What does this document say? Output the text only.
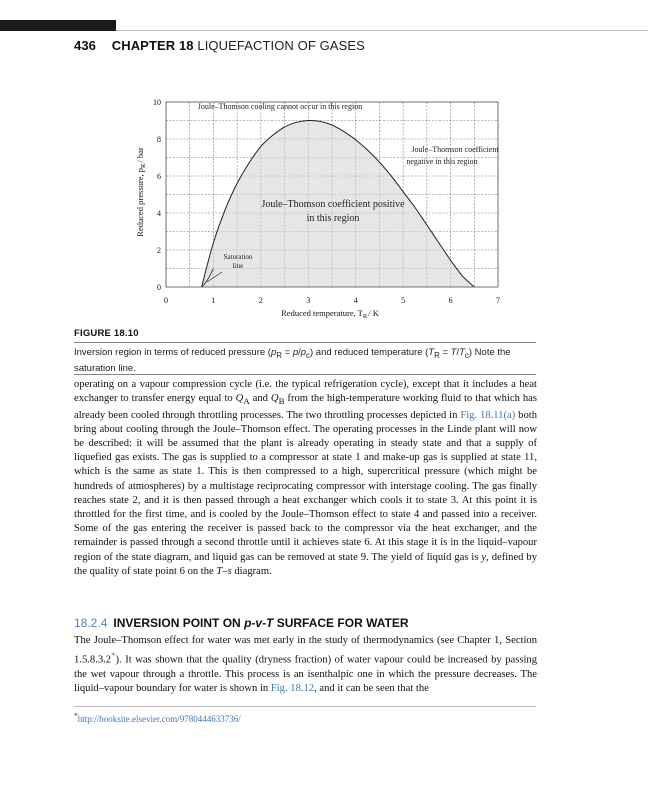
436 CHAPTER 18 LIQUEFACTION OF GASES
0	1	2	3	4	5	6	7
0
2
4
6
8
10	Joule–Thomson cooling cannot occur in this region
Joule–Thomson coefficient
negative in this region
Joule–Thomson coefficient positive
in this region
Saturation
line
Reduced temperature, $T_R/$ K
Reduced pressure, $p_R/$ bar
FIGURE 18.10
Inversion region in terms of reduced pressure $(p_R = p/p_c)$ and reduced temperature $(T_R = T/T_c)$ Note the saturation line.
operating on a vapour compression cycle (i.e. the typical refrigeration cycle), except that it includes a heat exchanger to transfer energy equal to $Q_A$ and $Q_B$ from the high-temperature working fluid to that which has already been cooled through throttling processes. The two throttling processes depicted in Fig. 18.11(a) both bring about cooling through the Joule–Thomson effect. The operating processes in the Linde plant will now be described: it will be assumed that the plant is already operating in steady state and that a supply of liquefied gas exists. The gas is supplied to a compressor at state 1 and make-up gas is supplied at state 11, which is the same as state 1. This is then compressed to a high, supercritical pressure (which might be hundreds of atmospheres) by a multistage reciprocating compressor with interstage cooling. The gas finally reaches state 2, and it is then passed through a heat exchanger which cools it to state 3. At this point it is throttled for the first time, and is cooled by the Joule–Thomson effect to state 4 and passed into a receiver. Some of the gas entering the receiver is passed back to the compressor via the heat exchanger, and the remainder is passed through a second throttle until it achieves state 6. At this stage it is in the liquid–vapour region of the state diagram, and liquid gas can be removed at state 9. The yield of liquid gas is y, defined by the quality of state point 6 on the T–s diagram.
18.2.4 INVERSION POINT ON p-v-T SURFACE FOR WATER
The Joule–Thomson effect for water was met early in the study of thermodynamics (see Chapter 1, Section 1.5.8.3.2*). It was shown that the quality (dryness fraction) of water vapour could be increased by passing the wet vapour through a throttle. This process is an isenthalpic one in which the pressure decreases. The liquid–vapour boundary for water is shown in Fig. 18.12, and it can be seen that the
*http://booksite.elsevier.com/9780444633736/
